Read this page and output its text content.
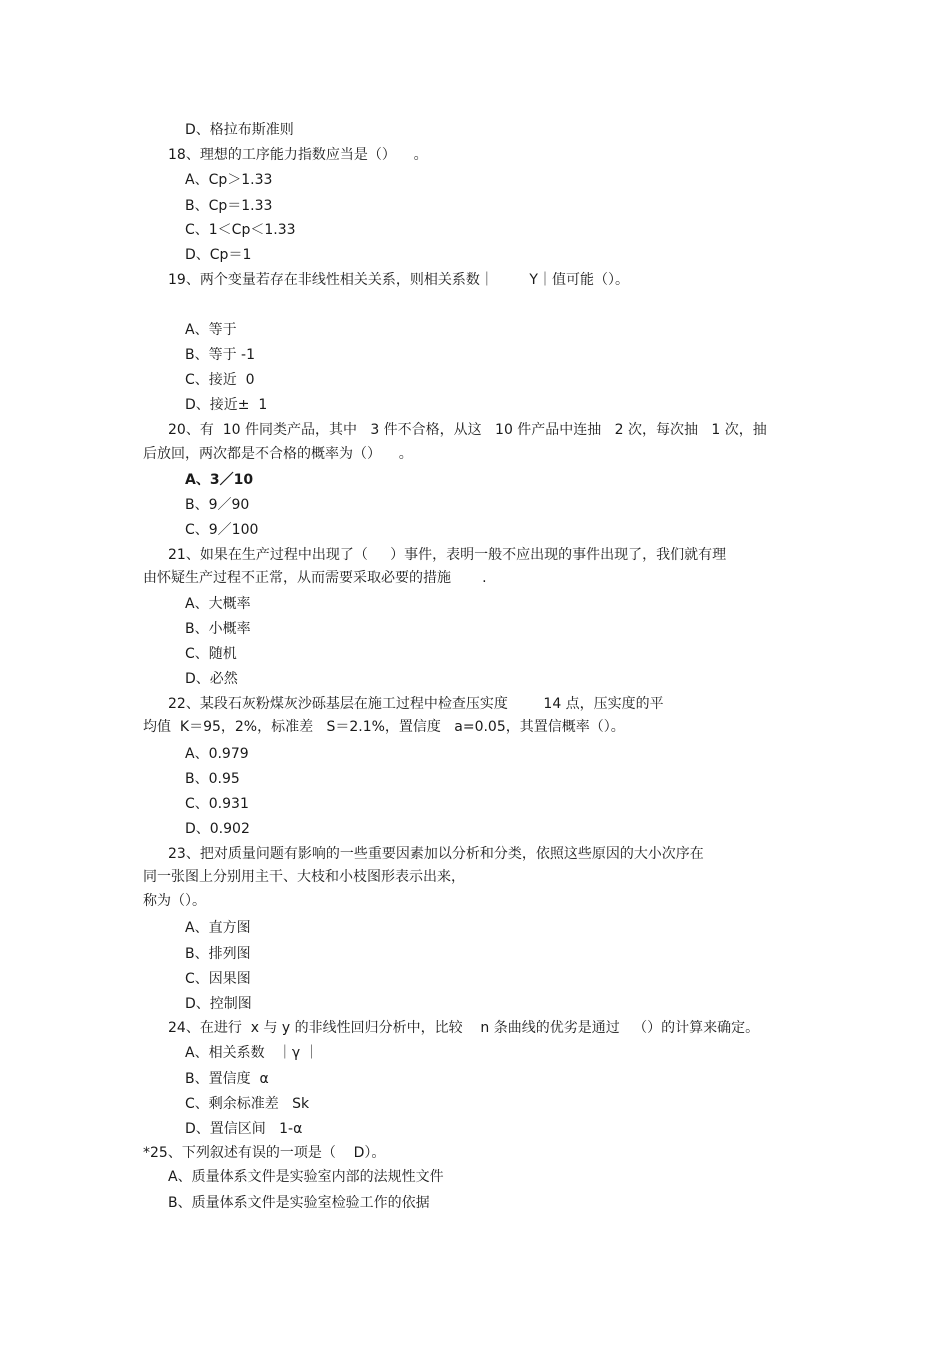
D、格拉布斯准则
18、理想的工序能力指数应当是（）    。
A、Cp＞1.33
B、Cp＝1.33
C、1＜Cp＜1.33
D、Cp＝1
19、两个变量若存在非线性相关关系，则相关系数｜        Y｜值可能（）。
A、等于
B、等于 -1
C、接近  0
D、接近±  1
20、有  10 件同类产品，其中   3 件不合格，从这   10 件产品中连抽   2 次，每次抽   1 次，抽
后放回，两次都是不合格的概率为（）    。
A、3／10
B、9／90
C、9／100
21、如果在生产过程中出现了（     ）事件，表明一般不应出现的事件出现了，我们就有理
由怀疑生产过程不正常，从而需要采取必要的措施       .
A、大概率
B、小概率
C、随机
D、必然
22、某段石灰粉煤灰沙砾基层在施工过程中检查压实度        14 点，压实度的平
均值  K＝95，2%，标准差   S＝2.1%，置信度   a=0.05，其置信概率（）。
A、0.979
B、0.95
C、0.931
D、0.902
23、把对质量问题有影响的一些重要因素加以分析和分类，依照这些原因的大小次序在
同一张图上分别用主干、大枝和小枝图形表示出来，
称为（）。
A、直方图
B、排列图
C、因果图
D、控制图
24、在进行  x 与 y 的非线性回归分析中，比较    n 条曲线的优劣是通过   （）的计算来确定。
A、相关系数   ｜γ ｜
B、置信度  α
C、剩余标准差   Sk
D、置信区间   1-α
*25、下列叙述有误的一项是（    D）。
A、质量体系文件是实验室内部的法规性文件
B、质量体系文件是实验室检验工作的依据
